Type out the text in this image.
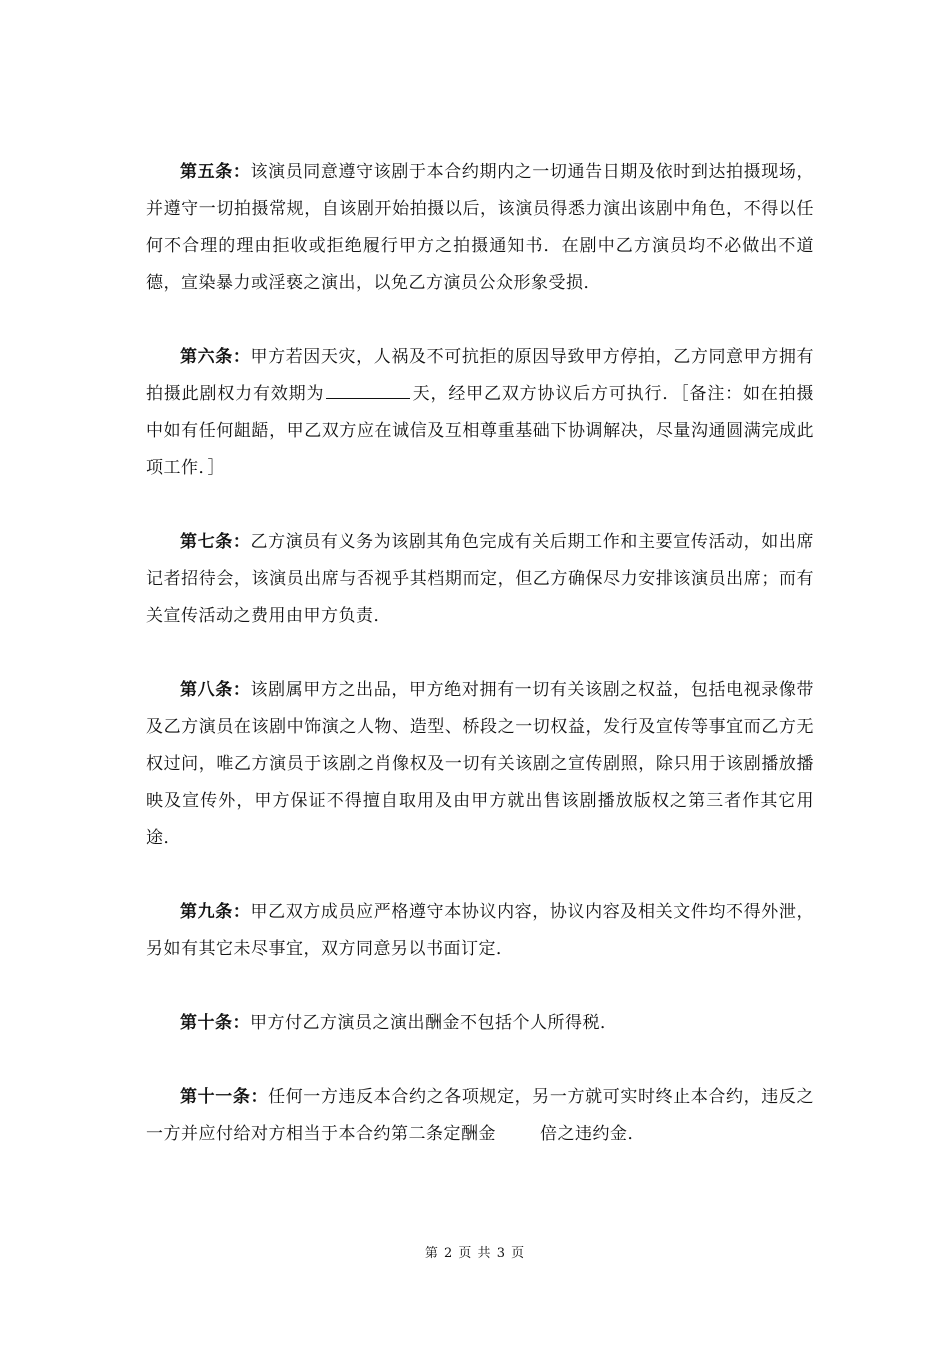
第五条：该演员同意遵守该剧于本合约期内之一切通告日期及依时到达拍摄现场，并遵守一切拍摄常规，自该剧开始拍摄以后，该演员得悉力演出该剧中角色，不得以任何不合理的理由拒收或拒绝履行甲方之拍摄通知书．在剧中乙方演员均不必做出不道德，宣染暴力或淫亵之演出，以免乙方演员公众形象受损．

第六条：甲方若因天灾，人祸及不可抗拒的原因导致甲方停拍，乙方同意甲方拥有拍摄此剧权力有效期为	天，经甲乙双方协议后方可执行．［备注：如在拍摄中如有任何龃龉，甲乙双方应在诚信及互相尊重基础下协调解决，尽量沟通圆满完成此项工作．］

第七条：乙方演员有义务为该剧其角色完成有关后期工作和主要宣传活动，如出席记者招待会，该演员出席与否视乎其档期而定，但乙方确保尽力安排该演员出席；而有关宣传活动之费用由甲方负责．

第八条：该剧属甲方之出品，甲方绝对拥有一切有关该剧之权益，包括电视录像带及乙方演员在该剧中饰演之人物、造型、桥段之一切权益，发行及宣传等事宜而乙方无权过问，唯乙方演员于该剧之肖像权及一切有关该剧之宣传剧照，除只用于该剧播放播映及宣传外，甲方保证不得擅自取用及由甲方就出售该剧播放版权之第三者作其它用途．

第九条：甲乙双方成员应严格遵守本协议内容，协议内容及相关文件均不得外泄，另如有其它未尽事宜，双方同意另以书面订定．

第十条：甲方付乙方演员之演出酬金不包括个人所得税．

第十一条：任何一方违反本合约之各项规定，另一方就可实时终止本合约，违反之一方并应付给对方相当于本合约第二条定酬金	倍之违约金．

第 2 页 共 3 页
